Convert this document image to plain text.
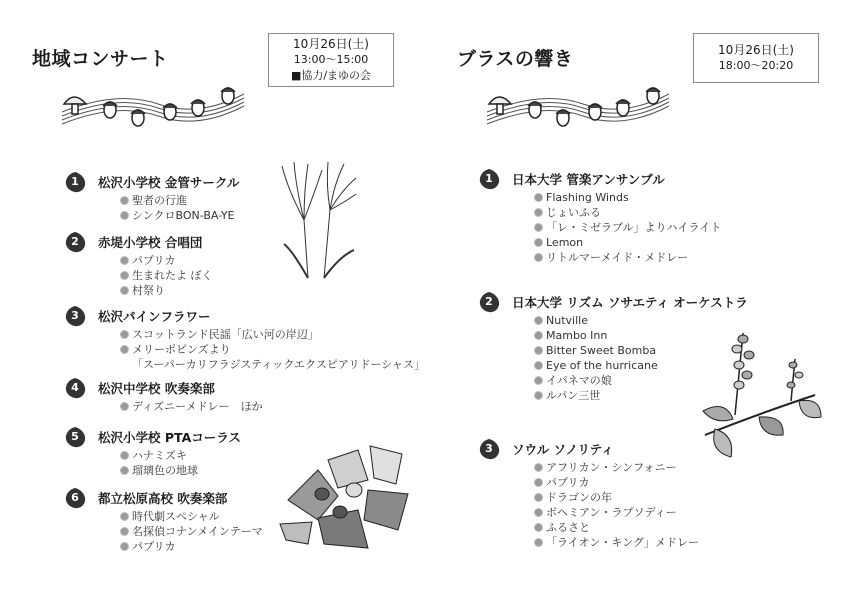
地域コンサート
10月26日(土)
13:00〜15:00
■協力/まゆの会
1	松沢小学校 金管サークル
聖者の行進
シンクロBON-BA-YE
2	赤堤小学校 合唱団
パプリカ
生まれたよ ぼく
村祭り
3	松沢パインフラワー
スコットランド民謡「広い河の岸辺」
メリーポピンズより
「スーパーカリフラジスティックエクスピアリドーシャス」
4	松沢中学校 吹奏楽部
ディズニーメドレー　ほか
5	松沢小学校 PTAコーラス
ハナミズキ
瑠璃色の地球
6	都立松原高校 吹奏楽部
時代劇スペシャル
名探偵コナンメインテーマ
パプリカ
ブラスの響き	10月26日(土)
18:00〜20:20
1	日本大学 管楽アンサンブル
Flashing Winds
じょいふる
「レ・ミゼラブル」よりハイライト
Lemon
リトルマーメイド・メドレー
2	日本大学 リズム ソサエティ オーケストラ
Nutville
Mambo Inn
Bitter Sweet Bomba
Eye of the hurricane
イパネマの娘
ルパン三世
3	ソウル ソノリティ
アフリカン・シンフォニー
パプリカ
ドラゴンの年
ボヘミアン・ラプソディー
ふるさと
「ライオン・キング」メドレー
